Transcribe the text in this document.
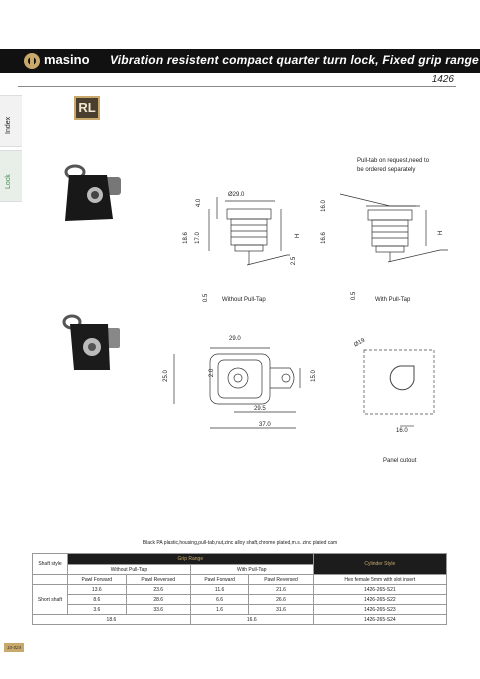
masino Vibration resistent compact quarter turn lock, Fixed grip range
1426
Index
Lock
RL
Pull-tab on request,need to
be ordered separately
Ø29.0
4.0
18.6 17.0	H
2.5
0.5 Without Pull-Tap
16.0
16.6	H
0.5	With Pull-Tap
29.0
25.0	2.0	15.0
29.5
37.0
Ø19
16.0
Panel cutout
Black PA plastic,housing,pull-tab,nut,zinc alloy shaft,chrome plated,m.s. zinc plated cam
Shaft style	Grip Range				Cylinder Style
	Without Pull-Tap		With Pull-Tap		
	Pawl Forward	Pawl Reversed	Pawl Forward	Pawl Reversed	Hex female 5mm with slot insert
Short shaft	13.6	23.6	11.6	21.6	1426-265-S21
	8.6	28.6	6.6	26.6	1426-265-S22
	3.6	33.6	1.6	31.6	1426-265-S23
18.6			16.6		1426-265-S24
10-024
